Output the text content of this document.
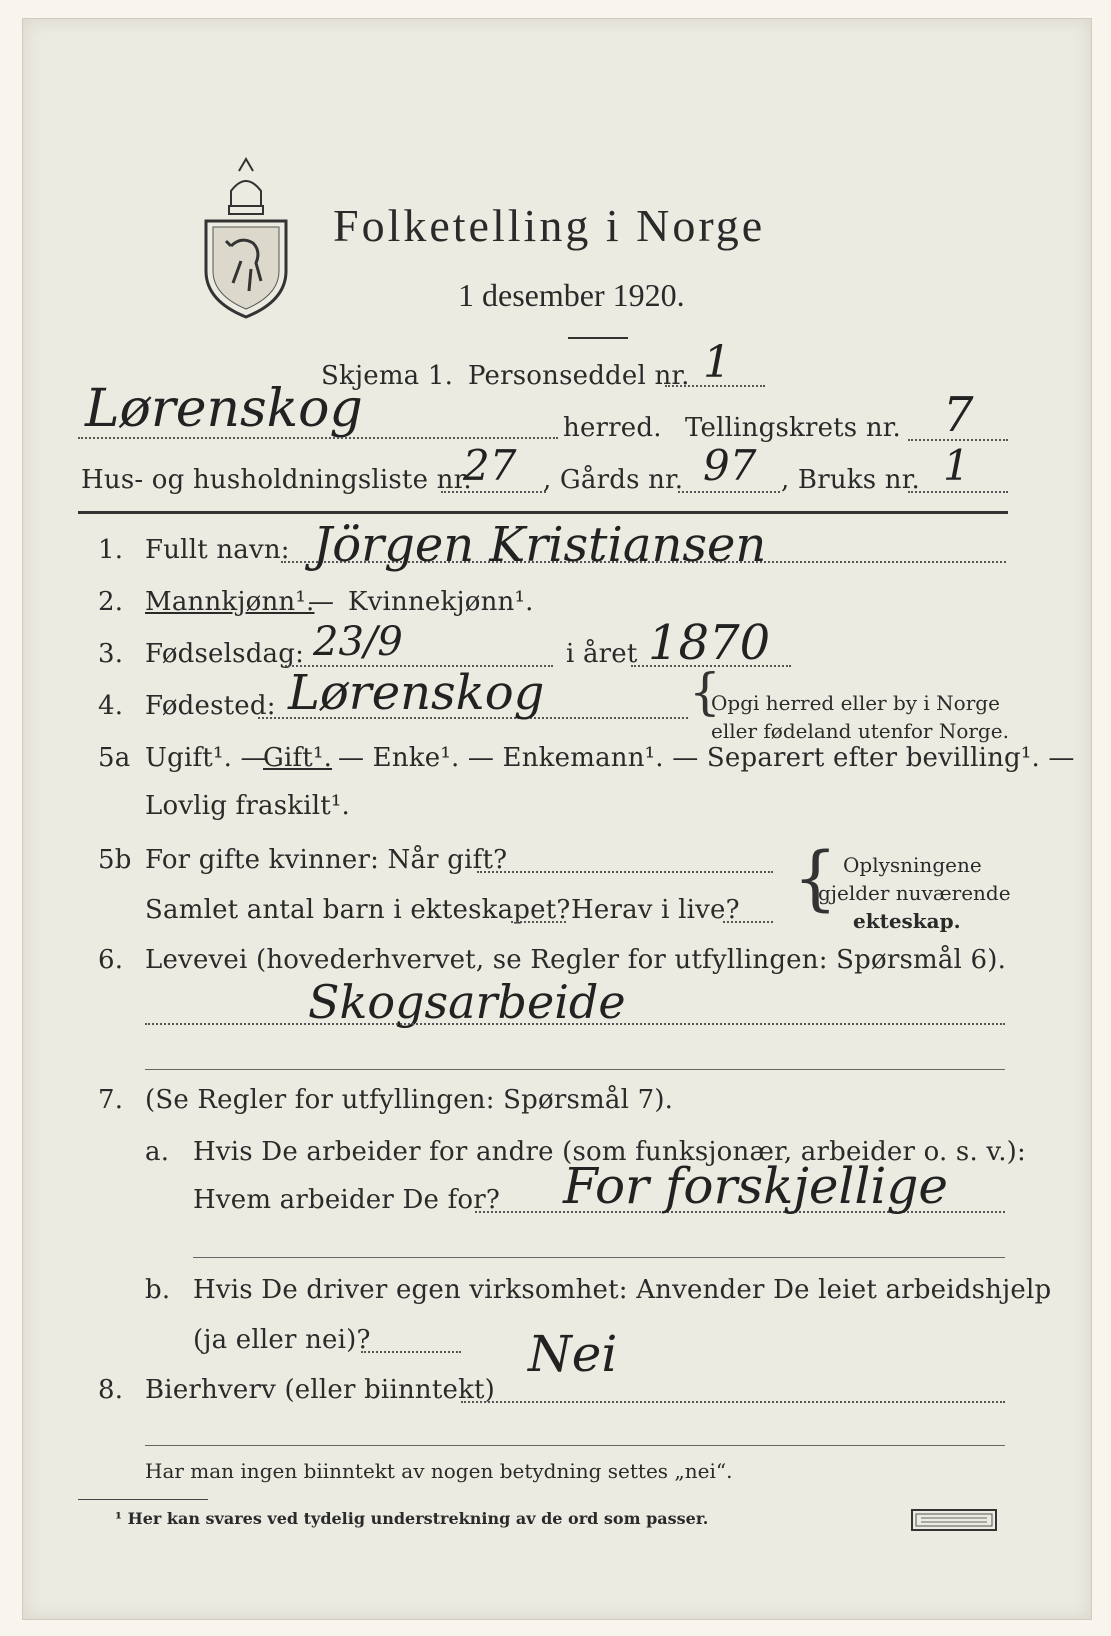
Folketelling i Norge
1 desember 1920.
Skjema 1. Personseddel nr. 1
Lørenskog	herred. Tellingskrets nr. 7
Hus- og husholdningsliste nr.
27 , Gårds nr. 97 , Bruks nr. 1
1. Fullt navn: Jörgen Kristiansen
2. Mannkjønn¹.
— Kvinnekjønn¹.
3. Fødselsdag: 23/9	i året 1870
4. Fødested: Lørenskog	{
Opgi herred eller by i Norge
eller fødeland utenfor Norge.
5a Ugift¹. —
Gift¹. — Enke¹. — Enkemann¹. — Separert efter bevilling¹. —
Lovlig fraskilt¹.
5b For gifte kvinner: Når gift?
Samlet antal barn i ekteskapet? Herav i live? { Oplysningene
gjelder nuværende
ekteskap.
6. Levevei (hovederhvervet, se Regler for utfyllingen: Spørsmål 6).
Skogsarbeide
7. (Se Regler for utfyllingen: Spørsmål 7).
a. Hvis De arbeider for andre (som funksjonær, arbeider o. s. v.):
Hvem arbeider De for? For forskjellige
b. Hvis De driver egen virksomhet: Anvender De leiet arbeidshjelp
(ja eller nei)?	Nei
8. Bierhverv (eller biinntekt)
Har man ingen biinntekt av nogen betydning settes „nei“.
¹ Her kan svares ved tydelig understrekning av de ord som passer.
